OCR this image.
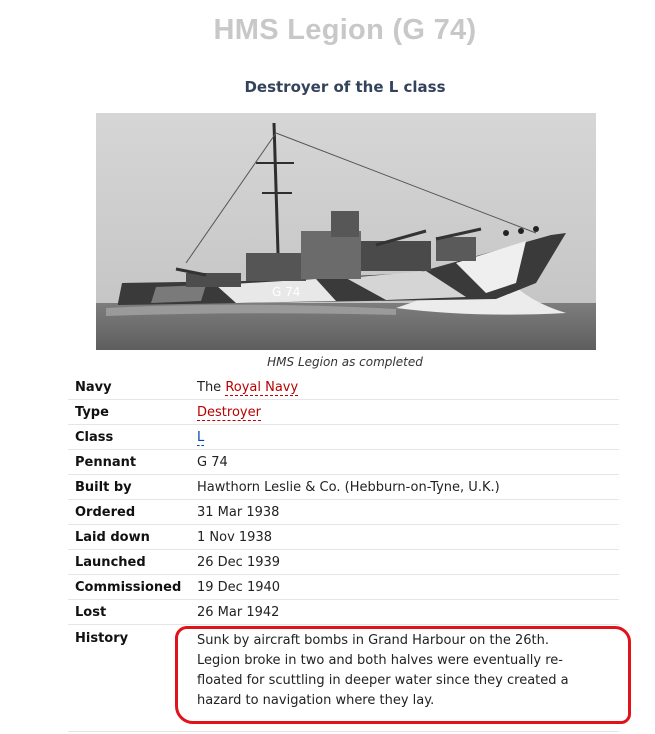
HMS Legion (G 74)
Destroyer of the L class
G 74
HMS Legion as completed
Navy	The Royal Navy
Type	Destroyer
Class	L
Pennant	G 74
Built by	Hawthorn Leslie & Co. (Hebburn-on-Tyne, U.K.)
Ordered	31 Mar 1938
Laid down	1 Nov 1938
Launched	26 Dec 1939
Commissioned	19 Dec 1940
Lost	26 Mar 1942
History	Sunk by aircraft bombs in Grand Harbour on the 26th. Legion broke in two and both halves were eventually re-floated for scuttling in deeper water since they created a hazard to navigation where they lay.
